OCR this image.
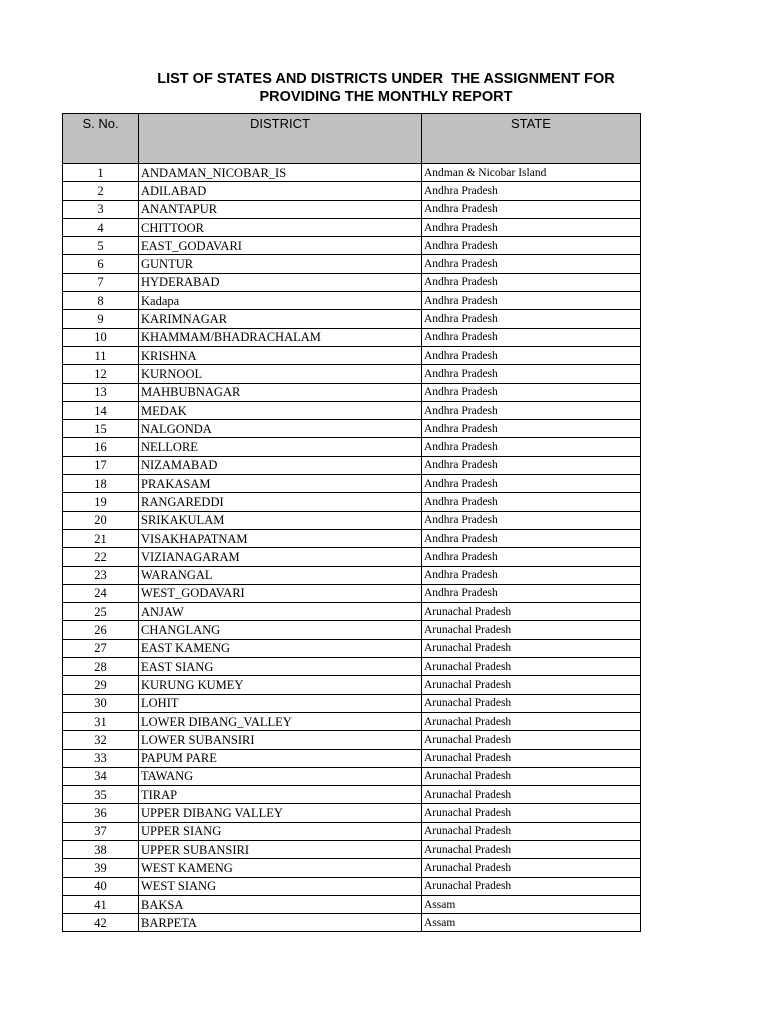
LIST OF STATES AND DISTRICTS UNDER  THE ASSIGNMENT FOR
PROVIDING THE MONTHLY REPORT
S. No.	DISTRICT	STATE
1	ANDAMAN_NICOBAR_IS	Andman & Nicobar Island
2	ADILABAD	Andhra Pradesh
3	ANANTAPUR	Andhra Pradesh
4	CHITTOOR	Andhra Pradesh
5	EAST_GODAVARI	Andhra Pradesh
6	GUNTUR	Andhra Pradesh
7	HYDERABAD	Andhra Pradesh
8	Kadapa	Andhra Pradesh
9	KARIMNAGAR	Andhra Pradesh
10	KHAMMAM/BHADRACHALAM	Andhra Pradesh
11	KRISHNA	Andhra Pradesh
12	KURNOOL	Andhra Pradesh
13	MAHBUBNAGAR	Andhra Pradesh
14	MEDAK	Andhra Pradesh
15	NALGONDA	Andhra Pradesh
16	NELLORE	Andhra Pradesh
17	NIZAMABAD	Andhra Pradesh
18	PRAKASAM	Andhra Pradesh
19	RANGAREDDI	Andhra Pradesh
20	SRIKAKULAM	Andhra Pradesh
21	VISAKHAPATNAM	Andhra Pradesh
22	VIZIANAGARAM	Andhra Pradesh
23	WARANGAL	Andhra Pradesh
24	WEST_GODAVARI	Andhra Pradesh
25	ANJAW	Arunachal Pradesh
26	CHANGLANG	Arunachal Pradesh
27	EAST KAMENG	Arunachal Pradesh
28	EAST SIANG	Arunachal Pradesh
29	KURUNG KUMEY	Arunachal Pradesh
30	LOHIT	Arunachal Pradesh
31	LOWER DIBANG_VALLEY	Arunachal Pradesh
32	LOWER SUBANSIRI	Arunachal Pradesh
33	PAPUM PARE	Arunachal Pradesh
34	TAWANG	Arunachal Pradesh
35	TIRAP	Arunachal Pradesh
36	UPPER DIBANG VALLEY	Arunachal Pradesh
37	UPPER SIANG	Arunachal Pradesh
38	UPPER SUBANSIRI	Arunachal Pradesh
39	WEST KAMENG	Arunachal Pradesh
40	WEST SIANG	Arunachal Pradesh
41	BAKSA	Assam
42	BARPETA	Assam
